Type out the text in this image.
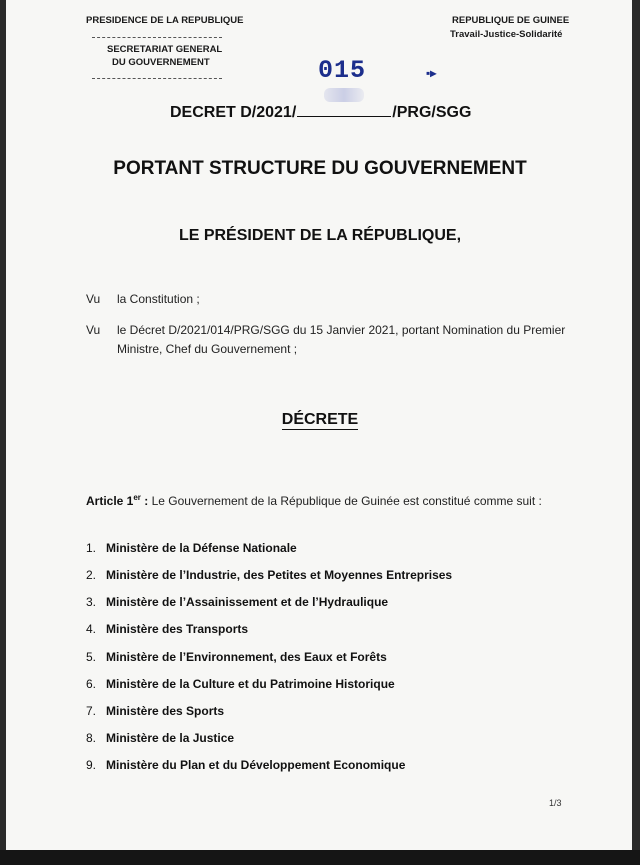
PRESIDENCE DE LA REPUBLIQUE
SECRETARIAT GENERAL
DU GOUVERNEMENT
REPUBLIQUE DE GUINEE
Travail-Justice-Solidarité
015	▪▸
DECRET D/2021/	/PRG/SGG
PORTANT STRUCTURE DU GOUVERNEMENT
LE PRÉSIDENT DE LA RÉPUBLIQUE,
Vu la Constitution ;
Vu le Décret D/2021/014/PRG/SGG du 15 Janvier 2021, portant Nomination du Premier Ministre, Chef du Gouvernement ;
DÉCRETE
Article 1er : Le Gouvernement de la République de Guinée est constitué comme suit :
1. Ministère de la Défense Nationale
2. Ministère de l’Industrie, des Petites et Moyennes Entreprises
3. Ministère de l’Assainissement et de l’Hydraulique
4. Ministère des Transports
5. Ministère de l’Environnement, des Eaux et Forêts
6. Ministère de la Culture et du Patrimoine Historique
7. Ministère des Sports
8. Ministère de la Justice
9. Ministère du Plan et du Développement Economique
1/3
